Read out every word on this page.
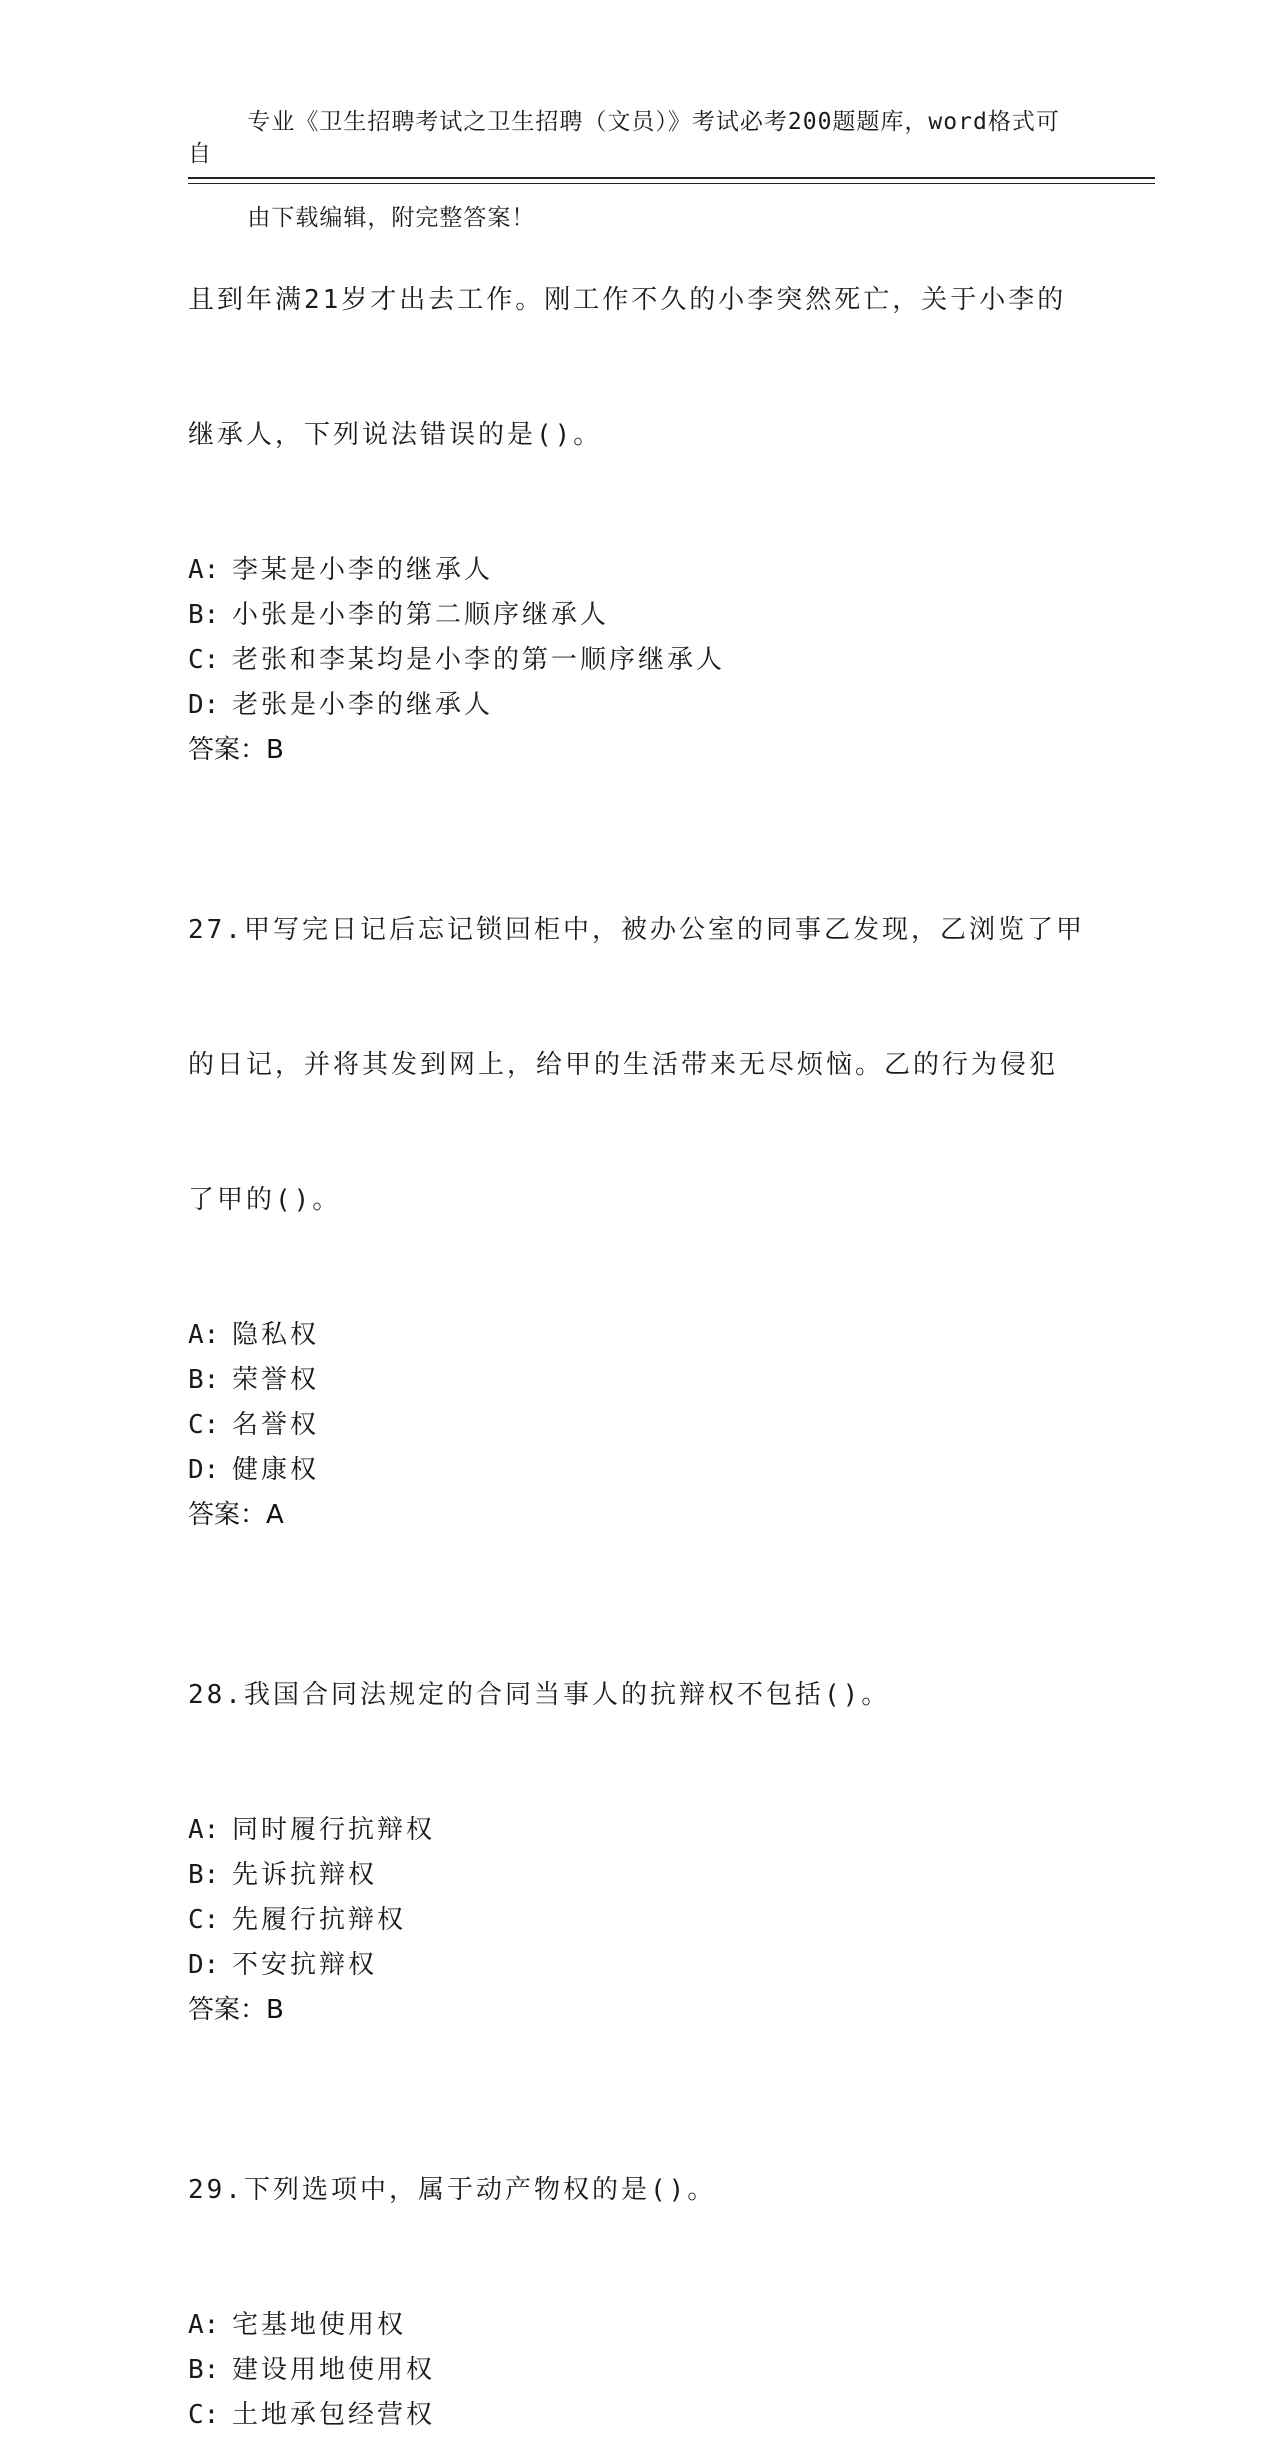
专业《卫生招聘考试之卫生招聘（文员）》考试必考200题题库，word格式可自

由下载编辑，附完整答案！

且到年满21岁才出去工作。刚工作不久的小李突然死亡，关于小李的

继承人，下列说法错误的是()。

A: 李某是小李的继承人
B: 小张是小李的第二顺序继承人
C: 老张和李某均是小李的第一顺序继承人
D: 老张是小李的继承人

答案：B

27.甲写完日记后忘记锁回柜中，被办公室的同事乙发现，乙浏览了甲

的日记，并将其发到网上，给甲的生活带来无尽烦恼。乙的行为侵犯

了甲的()。

A: 隐私权
B: 荣誉权
C: 名誉权
D: 健康权

答案：A

28.我国合同法规定的合同当事人的抗辩权不包括()。

A: 同时履行抗辩权
B: 先诉抗辩权
C: 先履行抗辩权
D: 不安抗辩权

答案：B

29.下列选项中，属于动产物权的是()。

A: 宅基地使用权
B: 建设用地使用权
C: 土地承包经营权
